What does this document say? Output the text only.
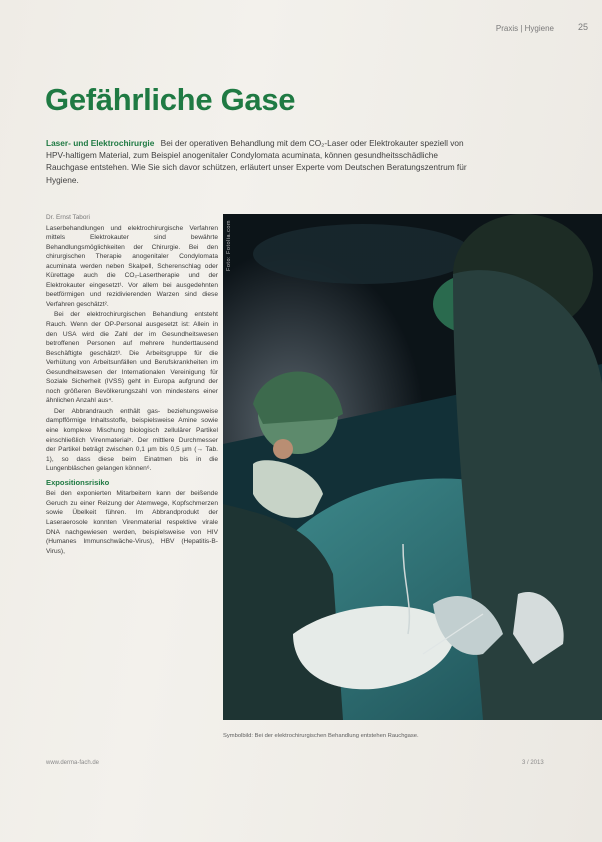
Praxis | Hygiene	25
Gefährliche Gase
Laser- und Elektrochirurgie Bei der operativen Behandlung mit dem CO₂-Laser oder Elektrokauter speziell von HPV-haltigem Material, zum Beispiel anogenitaler Condylomata acuminata, können gesundheitsschädliche Rauchgase entstehen. Wie Sie sich davor schützen, erläutert unser Experte vom Deutschen Beratungszentrum für Hygiene.
Dr. Ernst Tabori

Laserbehandlungen und elektrochirurgische Verfahren mittels Elektrokauter sind bewährte Behandlungsmöglichkeiten der Chirurgie. Bei den chirurgischen Therapie anogenitaler Condylomata acuminata werden neben Skalpell, Scherenschlag oder Kürettage auch die CO₂-Lasertherapie und der Elektrokauter eingesetzt¹. Vor allem bei ausgedehnten beetförmigen und rezidivierenden Warzen sind diese Verfahren geschätzt².

Bei der elektrochirurgischen Behandlung entsteht Rauch. Wenn der OP-Personal ausgesetzt ist: Allein in den USA wird die Zahl der im Gesundheitswesen betroffenen Personen auf mehrere hunderttausend Beschäftigte geschätzt³. Die Arbeitsgruppe für die Verhütung von Arbeitsunfällen und Berufskrankheiten im Gesundheitswesen der Internationalen Vereinigung für Soziale Sicherheit (IVSS) geht in Europa aufgrund der noch größeren Bevölkerungszahl von mindestens einer ähnlichen Anzahl aus⁴.

Der Abbrandrauch enthält gas- beziehungsweise dampfförmige Inhaltsstoffe, beispielsweise Amine sowie eine komplexe Mischung biologisch zellulärer Partikel einschließlich Virenmaterial⁵. Der mittlere Durchmesser der Partikel beträgt zwischen 0,1 µm bis 0,5 µm (→ Tab. 1), so dass diese beim Einatmen bis in die Lungenbläschen gelangen können⁶.

Expositionsrisiko

Bei den exponierten Mitarbeitern kann der beißende Geruch zu einer Reizung der Atemwege, Kopfschmerzen sowie Übelkeit führen. Im Abbrandprodukt der Laseraerosole konnten Virenmaterial respektive virale DNA nachgewiesen werden, beispielsweise von HIV (Humanes Immunschwäche-Virus), HBV (Hepatitis-B-Virus),

Foto: Fotolia.com
Symbolbild: Bei der elektrochirurgischen Behandlung entstehen Rauchgase.
www.derma-fach.de	3 / 2013
